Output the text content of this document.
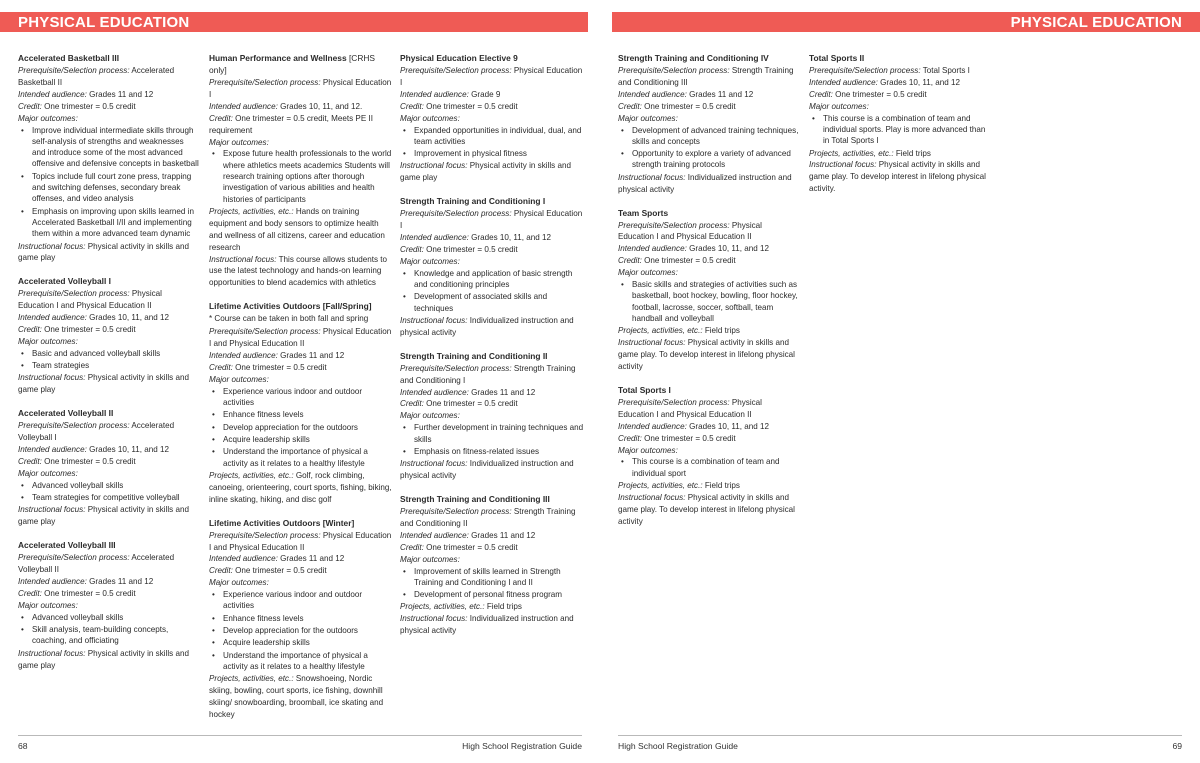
PHYSICAL EDUCATION	PHYSICAL EDUCATION
Accelerated Basketball III
Prerequisite/Selection process: Accelerated Basketball II
Intended audience: Grades 11 and 12
Credit: One trimester = 0.5 credit
Major outcomes:
• Improve individual intermediate skills through self-analysis of strengths and weaknesses and introduce some of the most advanced offensive and defensive concepts in basketball
• Topics include full court zone press, trapping and switching defenses, secondary break offenses, and video analysis
• Emphasis on improving upon skills learned in Accelerated Basketball I/II and implementing them within a more advanced team dynamic
Instructional focus: Physical activity in skills and game play
Accelerated Volleyball I
Prerequisite/Selection process: Physical Education I and Physical Education II
Intended audience: Grades 10, 11, and 12
Credit: One trimester = 0.5 credit
Major outcomes:
• Basic and advanced volleyball skills
• Team strategies
Instructional focus: Physical activity in skills and game play
Accelerated Volleyball II
Prerequisite/Selection process: Accelerated Volleyball I
Intended audience: Grades 10, 11, and 12
Credit: One trimester = 0.5 credit
Major outcomes:
• Advanced volleyball skills
• Team strategies for competitive volleyball
Instructional focus: Physical activity in skills and game play
Accelerated Volleyball III
Prerequisite/Selection process: Accelerated Volleyball II
Intended audience: Grades 11 and 12
Credit: One trimester = 0.5 credit
Major outcomes:
• Advanced volleyball skills
• Skill analysis, team-building concepts, coaching, and officiating
Instructional focus: Physical activity in skills and game play
Human Performance and Wellness [CRHS only]
Prerequisite/Selection process: Physical Education I
Intended audience: Grades 10, 11, and 12.
Credit: One trimester = 0.5 credit, Meets PE II requirement
Major outcomes:
• Expose future health professionals to the world where athletics meets academics Students will research training options after thorough investigation of various abilities and health histories of participants
Projects, activities, etc.: Hands on training equipment and body sensors to optimize health and wellness of all citizens, career and education research
Instructional focus: This course allows students to use the latest technology and hands-on learning opportunities to blend academics with athletics
Lifetime Activities Outdoors [Fall/Spring]
* Course can be taken in both fall and spring
Prerequisite/Selection process: Physical Education I and Physical Education II
Intended audience: Grades 11 and 12
Credit: One trimester = 0.5 credit
Major outcomes:
• Experience various indoor and outdoor activities
• Enhance fitness levels
• Develop appreciation for the outdoors
• Acquire leadership skills
• Understand the importance of physical a activity as it relates to a healthy lifestyle
Projects, activities, etc.: Golf, rock climbing, canoeing, orienteering, court sports, fishing, biking, inline skating, hiking, and disc golf
Lifetime Activities Outdoors [Winter]
Prerequisite/Selection process: Physical Education I and Physical Education II
Intended audience: Grades 11 and 12
Credit: One trimester = 0.5 credit
Major outcomes:
• Experience various indoor and outdoor activities
• Enhance fitness levels
• Develop appreciation for the outdoors
• Acquire leadership skills
• Understand the importance of physical a activity as it relates to a healthy lifestyle
Projects, activities, etc.: Snowshoeing, Nordic skiing, bowling, court sports, ice fishing, downhill skiing/ snowboarding, broomball, ice skating and hockey
Physical Education Elective 9
Prerequisite/Selection process: Physical Education I
Intended audience: Grade 9
Credit: One trimester = 0.5 credit
Major outcomes:
• Expanded opportunities in individual, dual, and team activities
• Improvement in physical fitness
Instructional focus: Physical activity in skills and game play
Strength Training and Conditioning I
Prerequisite/Selection process: Physical Education I
Intended audience: Grades 10, 11, and 12
Credit: One trimester = 0.5 credit
Major outcomes:
• Knowledge and application of basic strength and conditioning principles
• Development of associated skills and techniques
Instructional focus: Individualized instruction and physical activity
Strength Training and Conditioning II
Prerequisite/Selection process: Strength Training and Conditioning I
Intended audience: Grades 11 and 12
Credit: One trimester = 0.5 credit
Major outcomes:
• Further development in training techniques and skills
• Emphasis on fitness-related issues
Instructional focus: Individualized instruction and physical activity
Strength Training and Conditioning III
Prerequisite/Selection process: Strength Training and Conditioning II
Intended audience: Grades 11 and 12
Credit: One trimester = 0.5 credit
Major outcomes:
• Improvement of skills learned in Strength Training and Conditioning I and II
• Development of personal fitness program
Projects, activities, etc.: Field trips
Instructional focus: Individualized instruction and physical activity
Strength Training and Conditioning IV
Prerequisite/Selection process: Strength Training and Conditioning III
Intended audience: Grades 11 and 12
Credit: One trimester = 0.5 credit
Major outcomes:
• Development of advanced training techniques, skills and concepts
• Opportunity to explore a variety of advanced strength training protocols
Instructional focus: Individualized instruction and physical activity
Team Sports
Prerequisite/Selection process: Physical Education I and Physical Education II
Intended audience: Grades 10, 11, and 12
Credit: One trimester = 0.5 credit
Major outcomes:
• Basic skills and strategies of activities such as basketball, boot hockey, bowling, floor hockey, football, lacrosse, soccer, softball, team handball and volleyball
Projects, activities, etc.: Field trips
Instructional focus: Physical activity in skills and game play. To develop interest in lifelong physical activity
Total Sports I
Prerequisite/Selection process: Physical Education I and Physical Education II
Intended audience: Grades 10, 11, and 12
Credit: One trimester = 0.5 credit
Major outcomes:
• This course is a combination of team and individual sport
Projects, activities, etc.: Field trips
Instructional focus: Physical activity in skills and game play. To develop interest in lifelong physical activity
Total Sports II
Prerequisite/Selection process: Total Sports I
Intended audience: Grades 10, 11, and 12
Credit: One trimester = 0.5 credit
Major outcomes:
• This course is a combination of team and individual sports. Play is more advanced than in Total Sports I
Projects, activities, etc.: Field trips
Instructional focus: Physical activity in skills and game play. To develop interest in lifelong physical activity.
68	High School Registration Guide	High School Registration Guide	69
